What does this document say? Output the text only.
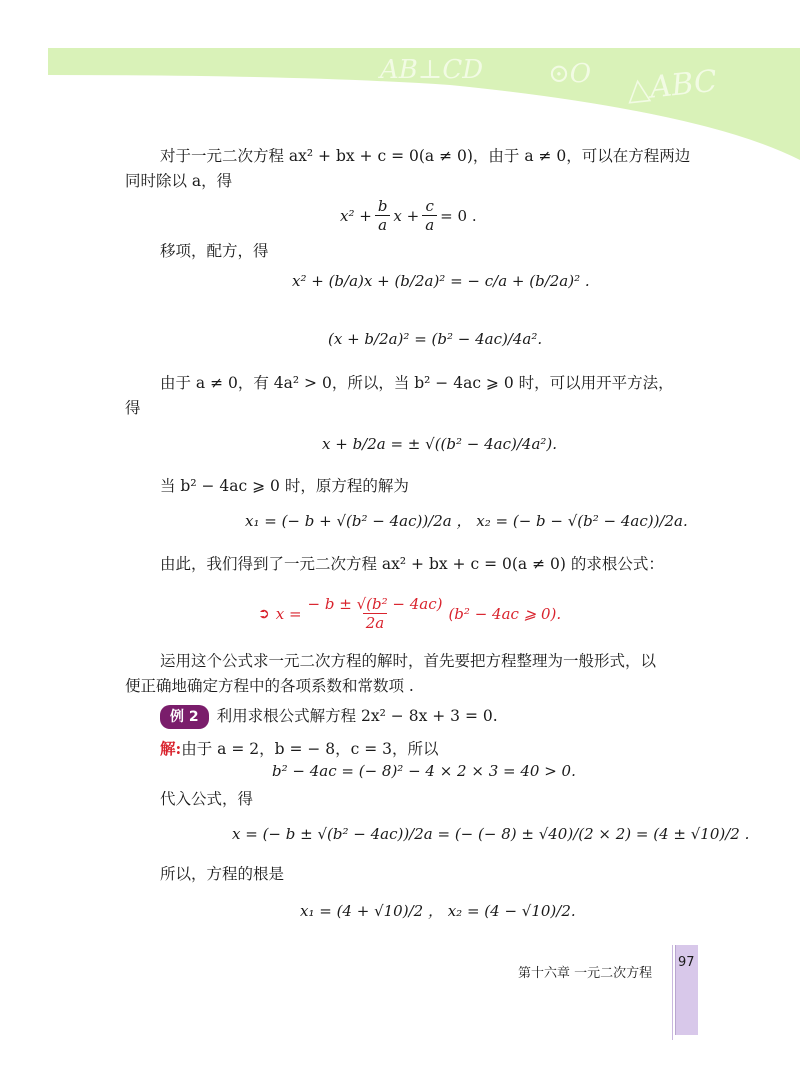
AB⊥CD ⊙O △ABC
对于一元二次方程 ax² + bx + c = 0(a ≠ 0)，由于 a ≠ 0，可以在方程两边
同时除以 a，得
$x^2 + \frac{b}{a}$ $x + \frac{c}{a} = 0$ .
移项，配方，得
x² + (b/a)x + (b/2a)² = − c/a + (b/2a)² .
(x + b/2a)² = (b² − 4ac)/4a².
由于 a ≠ 0，有 4a² > 0，所以，当 b² − 4ac ⩾ 0 时，可以用开平方法，
得
x + b/2a = ± √((b² − 4ac)/4a²).
当 b² − 4ac ⩾ 0 时，原方程的解为
x₁ = (− b + √(b² − 4ac))/2a ， x₂ = (− b − √(b² − 4ac))/2a.
由此，我们得到了一元二次方程 ax² + bx + c = 0(a ≠ 0) 的求根公式：
➲ $x = \frac{\text{− b ± √(b² − 4ac)}}{2a} (b^2 - 4ac$ ⩾ 0).
运用这个公式求一元二次方程的解时，首先要把方程整理为一般形式，以
便正确地确定方程中的各项系数和常数项 .
例 2 利用求根公式解方程 2x² − 8x + 3 = 0.
解:由于 a = 2，b = − 8，c = 3，所以
b² − 4ac = (− 8)² − 4 × 2 × 3 = 40 > 0.
代入公式，得
x = (− b ± √(b² − 4ac))/2a = (− (− 8) ± √40)/(2 × 2) = (4 ± √10)/2 .
所以，方程的根是
x₁ = (4 + √10)/2 ， x₂ = (4 − √10)/2.
第十六章 一元二次方程
97
